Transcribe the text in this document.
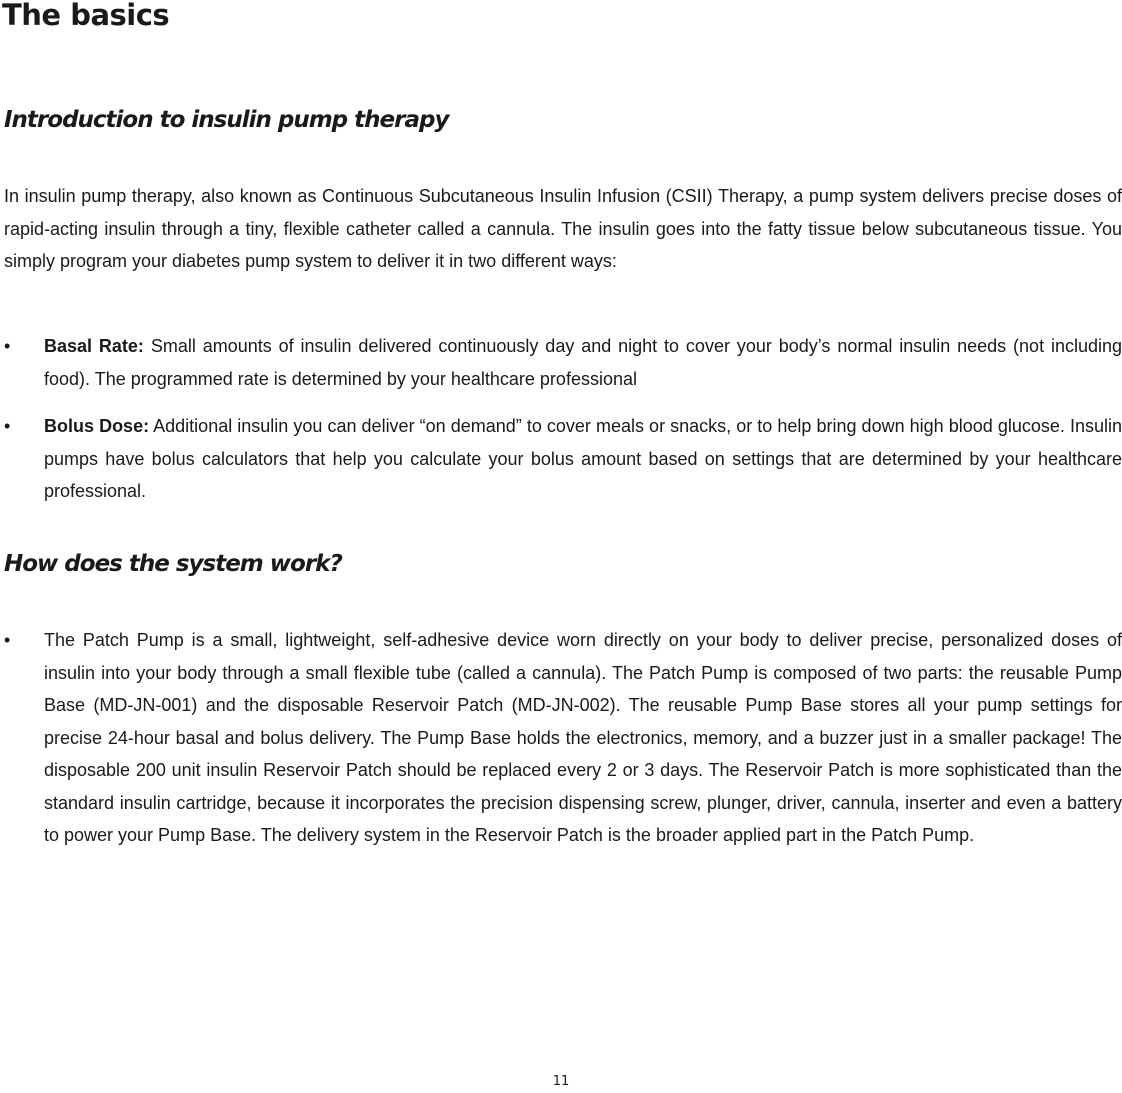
The basics
Introduction to insulin pump therapy

In insulin pump therapy, also known as Continuous Subcutaneous Insulin Infusion (CSII) Therapy, a pump system delivers precise doses of rapid-acting insulin through a tiny, flexible catheter called a cannula. The insulin goes into the fatty tissue below subcutaneous tissue. You simply program your diabetes pump system to deliver it in two different ways:

• Basal Rate: Small amounts of insulin delivered continuously day and night to cover your body’s normal insulin needs (not including food). The programmed rate is determined by your healthcare professional

• Bolus Dose: Additional insulin you can deliver “on demand” to cover meals or snacks, or to help bring down high blood glucose. Insulin pumps have bolus calculators that help you calculate your bolus amount based on settings that are determined by your healthcare professional.

How does the system work?
• The Patch Pump is a small, lightweight, self-adhesive device worn directly on your body to deliver precise, personalized doses of insulin into your body through a small flexible tube (called a cannula). The Patch Pump is composed of two parts: the reusable Pump Base (MD-JN-001) and the disposable Reservoir Patch (MD-JN-002). The reusable Pump Base stores all your pump settings for precise 24-hour basal and bolus delivery. The Pump Base holds the electronics, memory, and a buzzer just in a smaller package! The disposable 200 unit insulin Reservoir Patch should be replaced every 2 or 3 days. The Reservoir Patch is more sophisticated than the standard insulin cartridge, because it incorporates the precision dispensing screw, plunger, driver, cannula, inserter and even a battery to power your Pump Base. The delivery system in the Reservoir Patch is the broader applied part in the Patch Pump.

11
